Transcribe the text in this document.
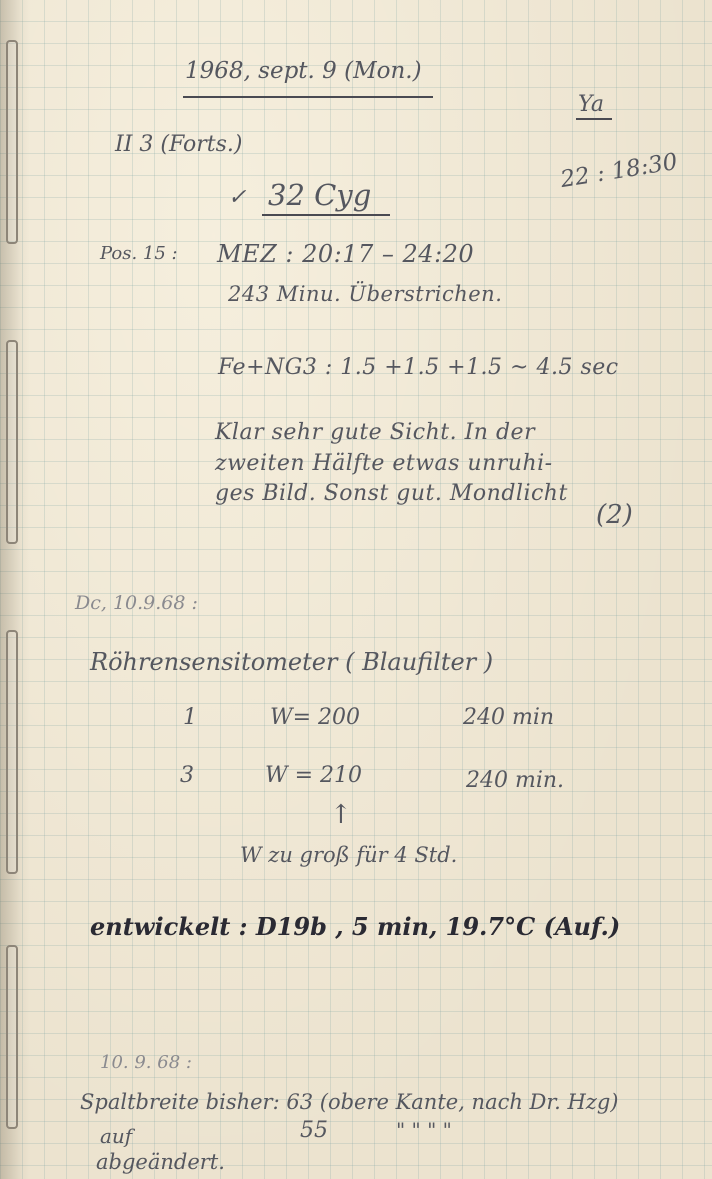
1968, sept. 9 (Mon.)
Ya
II 3 (Forts.)
✓ 32 Cyg
22 : 18:30
Pos. 15 : MEZ : 20:17 – 24:20
243 Minu. Überstrichen.
Fe+NG3 : 1.5 +1.5 +1.5 ~ 4.5 sec
Klar sehr gute Sicht. In der
zweiten Hälfte etwas unruhi-
ges Bild. Sonst gut. Mondlicht
(2)
Dc, 10.9.68 :
Röhrensensitometer ( Blaufilter )
1	W= 200	240 min
3	W = 210	240 min.
↑
W zu groß für 4 Std.
entwickelt : D19b , 5 min, 19.7°C (Auf.)
10. 9. 68 :
Spaltbreite bisher: 63 (obere Kante, nach Dr. Hzg)
auf	55	" " " "
abgeändert.
